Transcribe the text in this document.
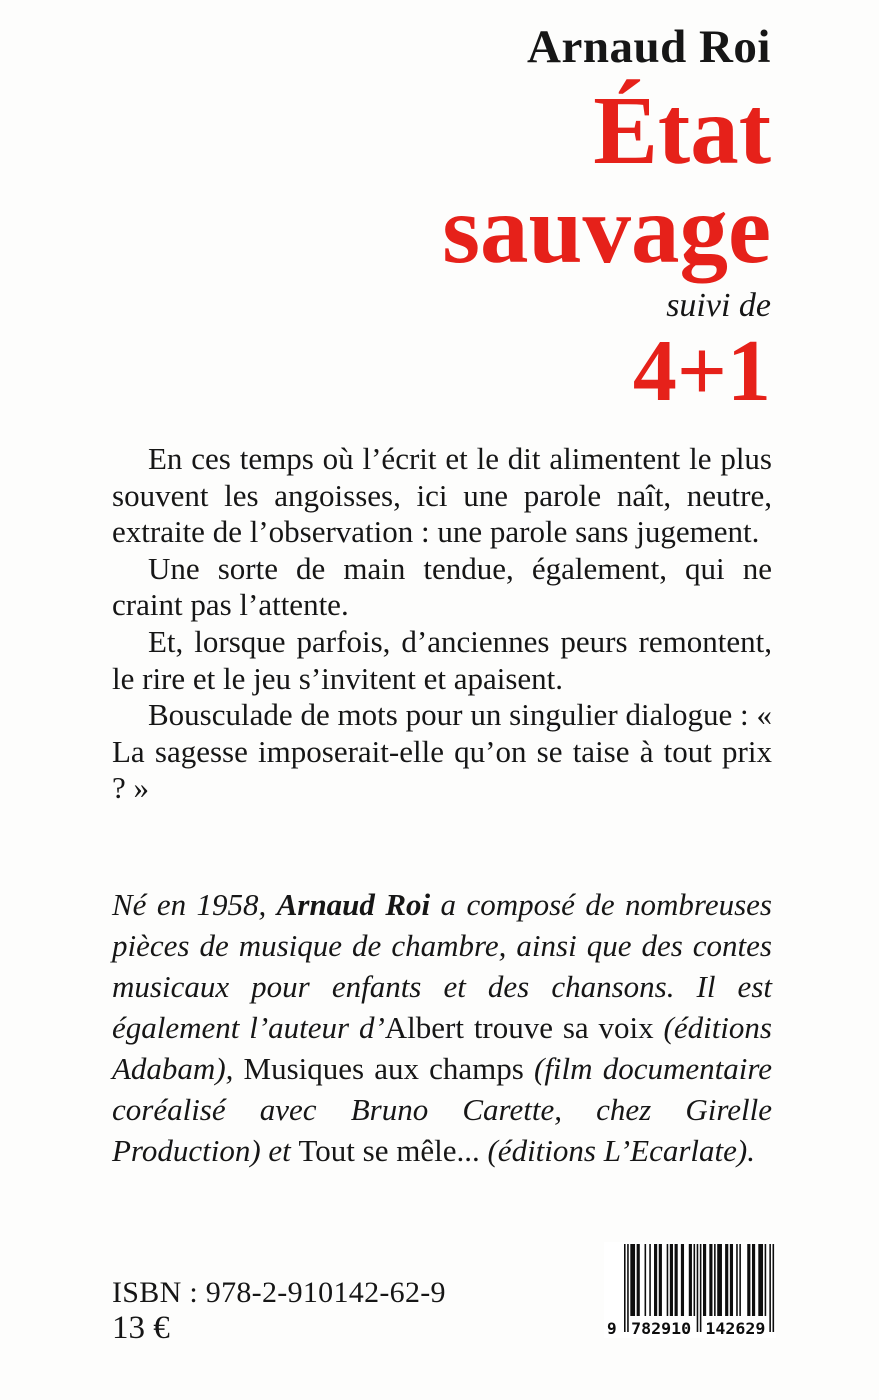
Arnaud Roi
État
sauvage
suivi de
4+1

En ces temps où l’écrit et le dit alimentent le plus souvent les angoisses, ici une parole naît, neutre, extraite de l’observation : une parole sans jugement.

Une sorte de main tendue, également, qui ne craint pas l’attente.

Et, lorsque parfois, d’anciennes peurs remontent, le rire et le jeu s’invitent et apaisent.

Bousculade de mots pour un singulier dialogue : « La sagesse imposerait-elle qu’on se taise à tout prix ? »

Né en 1958, Arnaud Roi a composé de nombreuses pièces de musique de chambre, ainsi que des contes musicaux pour enfants et des chansons. Il est également l’auteur d’Albert trouve sa voix (éditions Adabam), Musiques aux champs (film documentaire coréalisé avec Bruno Carette, chez Girelle Production) et Tout se mêle... (éditions L’Ecarlate).

ISBN : 978-2-910142-62-9
13 €	9 782910 142629
